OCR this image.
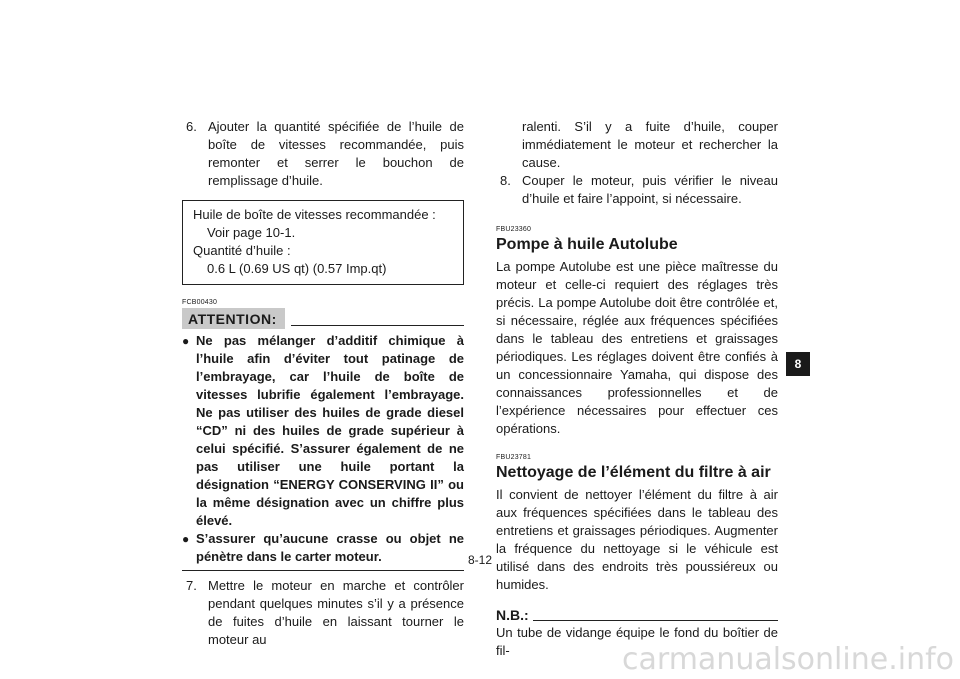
6. Ajouter la quantité spécifiée de l’huile de boîte de vitesses recommandée, puis remonter et serrer le bouchon de remplissage d’huile.

Huile de boîte de vitesses recommandée :

Voir page 10-1.

Quantité d’huile :

0.6 L (0.69 US qt) (0.57 Imp.qt)

FCB00430
ATTENTION:
● Ne pas mélanger d’additif chimique à l’huile afin d’éviter tout patinage de l’embrayage, car l’huile de boîte de vitesses lubrifie également l’embrayage. Ne pas utiliser des huiles de grade diesel “CD” ni des huiles de grade supérieur à celui spécifié. S’assurer également de ne pas utiliser une huile portant la désignation “ENERGY CONSERVING II” ou la même désignation avec un chiffre plus élevé.
● S’assurer qu’aucune crasse ou objet ne pénètre dans le carter moteur.
7. Mettre le moteur en marche et contrôler pendant quelques minutes s’il y a présence de fuites d’huile en laissant tourner le moteur au

ralenti. S’il y a fuite d’huile, couper immédiatement le moteur et rechercher la cause.

8. Couper le moteur, puis vérifier le niveau d’huile et faire l’appoint, si nécessaire.

FBU23360
Pompe à huile Autolube

La pompe Autolube est une pièce maîtresse du moteur et celle-ci requiert des réglages très précis. La pompe Autolube doit être contrôlée et, si nécessaire, réglée aux fréquences spécifiées dans le tableau des entretiens et graissages périodiques. Les réglages doivent être confiés à un concessionnaire Yamaha, qui dispose des connaissances professionnelles et de l’expérience nécessaires pour effectuer ces opérations.

FBU23781
Nettoyage de l’élément du filtre à air

Il convient de nettoyer l’élément du filtre à air aux fréquences spécifiées dans le tableau des entretiens et graissages périodiques. Augmenter la fréquence du nettoyage si le véhicule est utilisé dans des endroits très poussiéreux ou humides.

N.B.:

Un tube de vidange équipe le fond du boîtier de fil-

8-12
8
carmanualsonline.info
